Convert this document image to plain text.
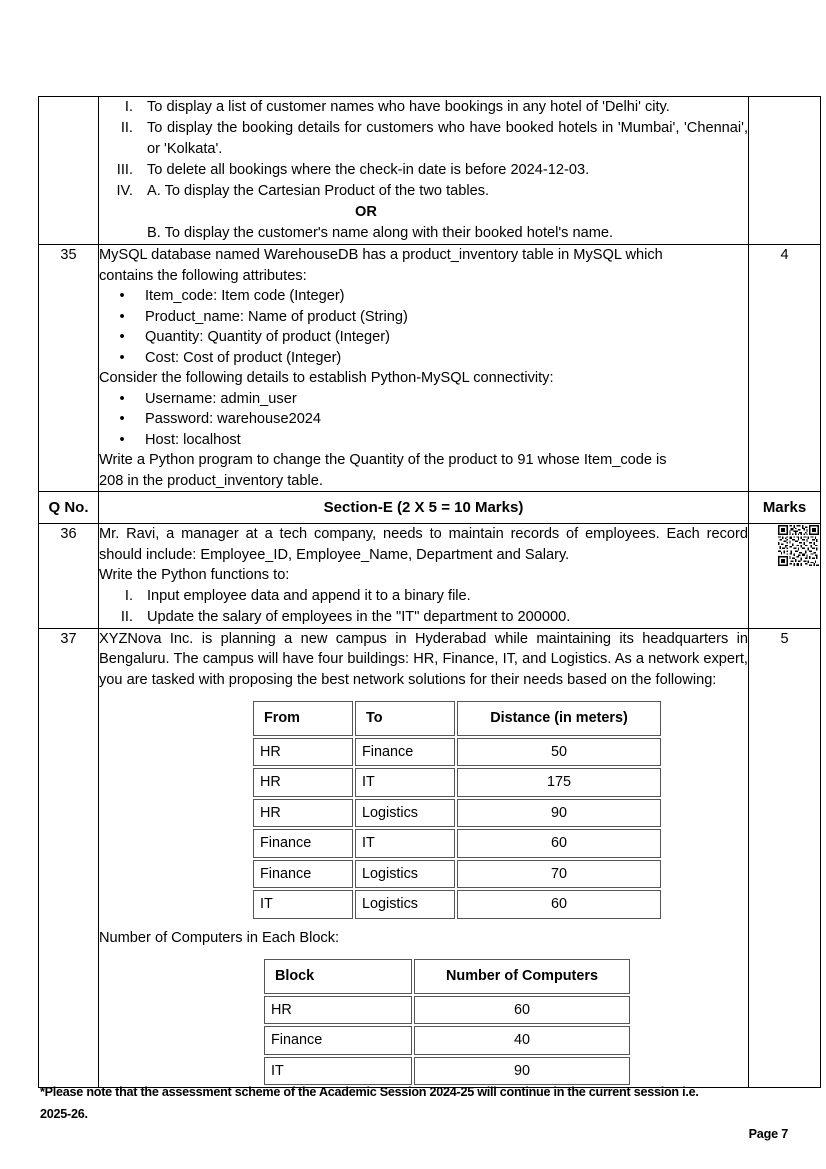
I. To display a list of customer names who have bookings in any hotel of 'Delhi' city.
II. To display the booking details for customers who have booked hotels in 'Mumbai', 'Chennai', or 'Kolkata'.
III. To delete all bookings where the check-in date is before 2024-12-03.
IV. A. To display the Cartesian Product of the two tables.
OR
B. To display the customer's name along with their booked hotel's name.

35	MySQL database named WarehouseDB has a product_inventory table in MySQL which
contains the following attributes:
•	Item_code: Item code (Integer)
•	Product_name: Name of product (String)
•	Quantity: Quantity of product (Integer)
•	Cost: Cost of product (Integer)
Consider the following details to establish Python-MySQL connectivity:
•	Username: admin_user
•	Password: warehouse2024
•	Host: localhost
Write a Python program to change the Quantity of the product to 91 whose Item_code is
208 in the product_inventory table.
	4
Q No.	Section-E (2 X 5 = 10 Marks)	Marks
36	Mr. Ravi, a manager at a tech company, needs to maintain records of employees. Each record should include: Employee_ID, Employee_Name, Department and Salary.
Write the Python functions to:
I. Input employee data and append it to a binary file.
II. Update the salary of employees in the "IT" department to 200000.

37	XYZNova Inc. is planning a new campus in Hyderabad while maintaining its headquarters in Bengaluru. The campus will have four buildings: HR, Finance, IT, and Logistics. As a network expert, you are tasked with proposing the best network solutions for their needs based on the following:
From	To	Distance (in meters)
HR	Finance	50
HR	IT	175
HR	Logistics	90
Finance	IT	60
Finance	Logistics	70
IT	Logistics	60
Number of Computers in Each Block:
Block	Number of Computers
HR	60
Finance	40
IT	90
	5
*Please note that the assessment scheme of the Academic Session 2024-25 will continue in the current session i.e.
2025-26.
Page 7
